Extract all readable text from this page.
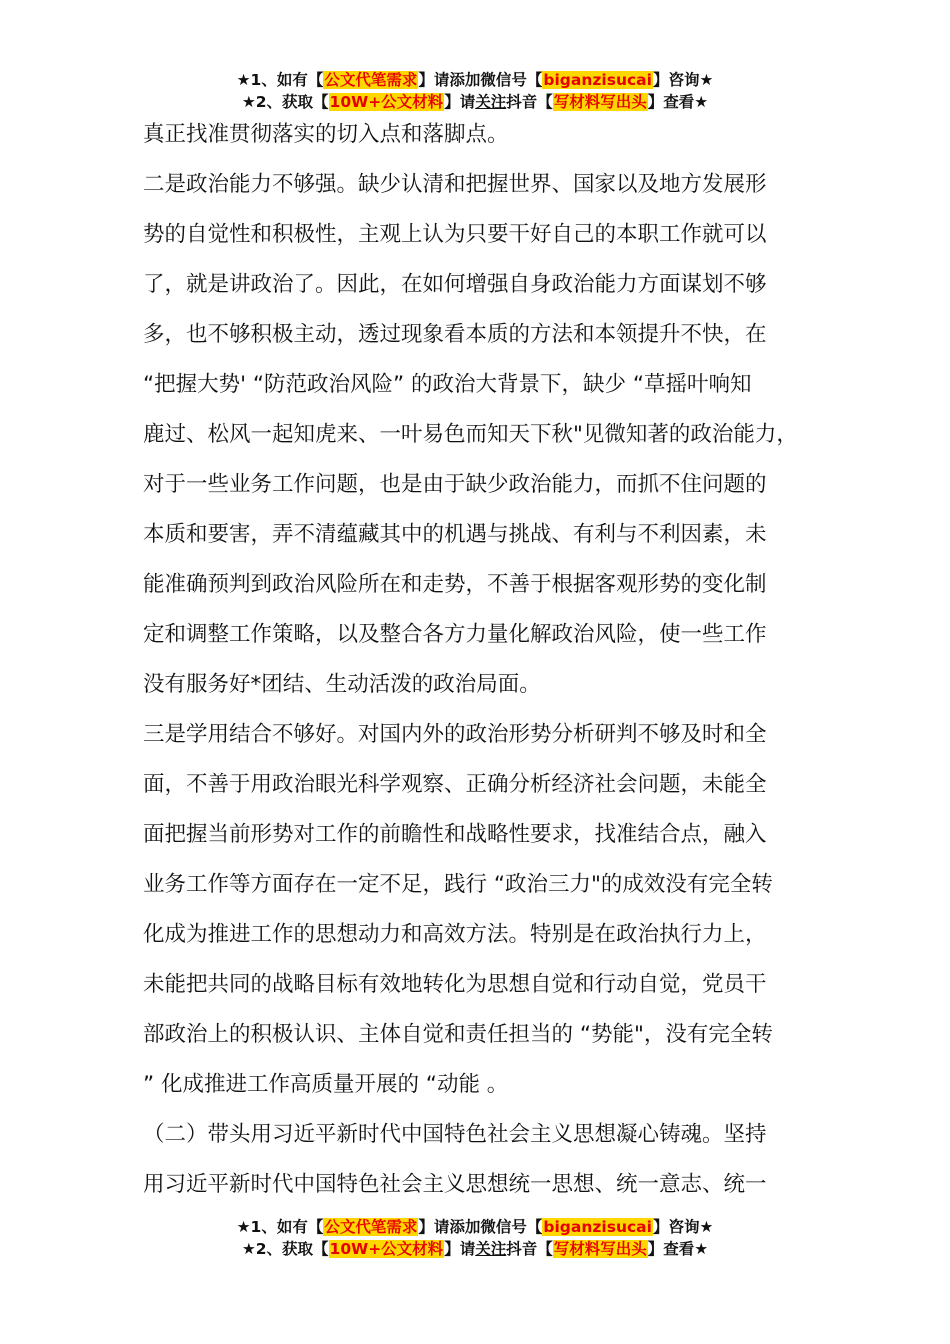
★1、如有【公文代笔需求】请添加微信号【biganzisucai】咨询★
★2、获取【10W+公文材料】请关注抖音【写材料写出头】查看★
真正找准贯彻落实的切入点和落脚点。
二是政治能力不够强。缺少认清和把握世界、国家以及地方发展形
势的自觉性和积极性，主观上认为只要干好自己的本职工作就可以
了，就是讲政治了。因此，在如何增强自身政治能力方面谋划不够
多，也不够积极主动，透过现象看本质的方法和本领提升不快，在
“把握大势' “防范政治风险” 的政治大背景下，缺少 “草摇叶响知
鹿过、松风一起知虎来、一叶易色而知天下秋"见微知著的政治能力，
对于一些业务工作问题，也是由于缺少政治能力，而抓不住问题的
本质和要害，弄不清蕴藏其中的机遇与挑战、有利与不利因素，未
能准确预判到政治风险所在和走势，不善于根据客观形势的变化制
定和调整工作策略，以及整合各方力量化解政治风险，使一些工作
没有服务好*团结、生动活泼的政治局面。
三是学用结合不够好。对国内外的政治形势分析研判不够及时和全
面，不善于用政治眼光科学观察、正确分析经济社会问题，未能全
面把握当前形势对工作的前瞻性和战略性要求，找准结合点，融入
业务工作等方面存在一定不足，践行 “政治三力"的成效没有完全转
化成为推进工作的思想动力和高效方法。特别是在政治执行力上，
未能把共同的战略目标有效地转化为思想自觉和行动自觉，党员干
部政治上的积极认识、主体自觉和责任担当的 “势能"，没有完全转
” 化成推进工作高质量开展的 “动能 。
（二）带头用习近平新时代中国特色社会主义思想凝心铸魂。坚持
用习近平新时代中国特色社会主义思想统一思想、统一意志、统一
★1、如有【公文代笔需求】请添加微信号【biganzisucai】咨询★
★2、获取【10W+公文材料】请关注抖音【写材料写出头】查看★
